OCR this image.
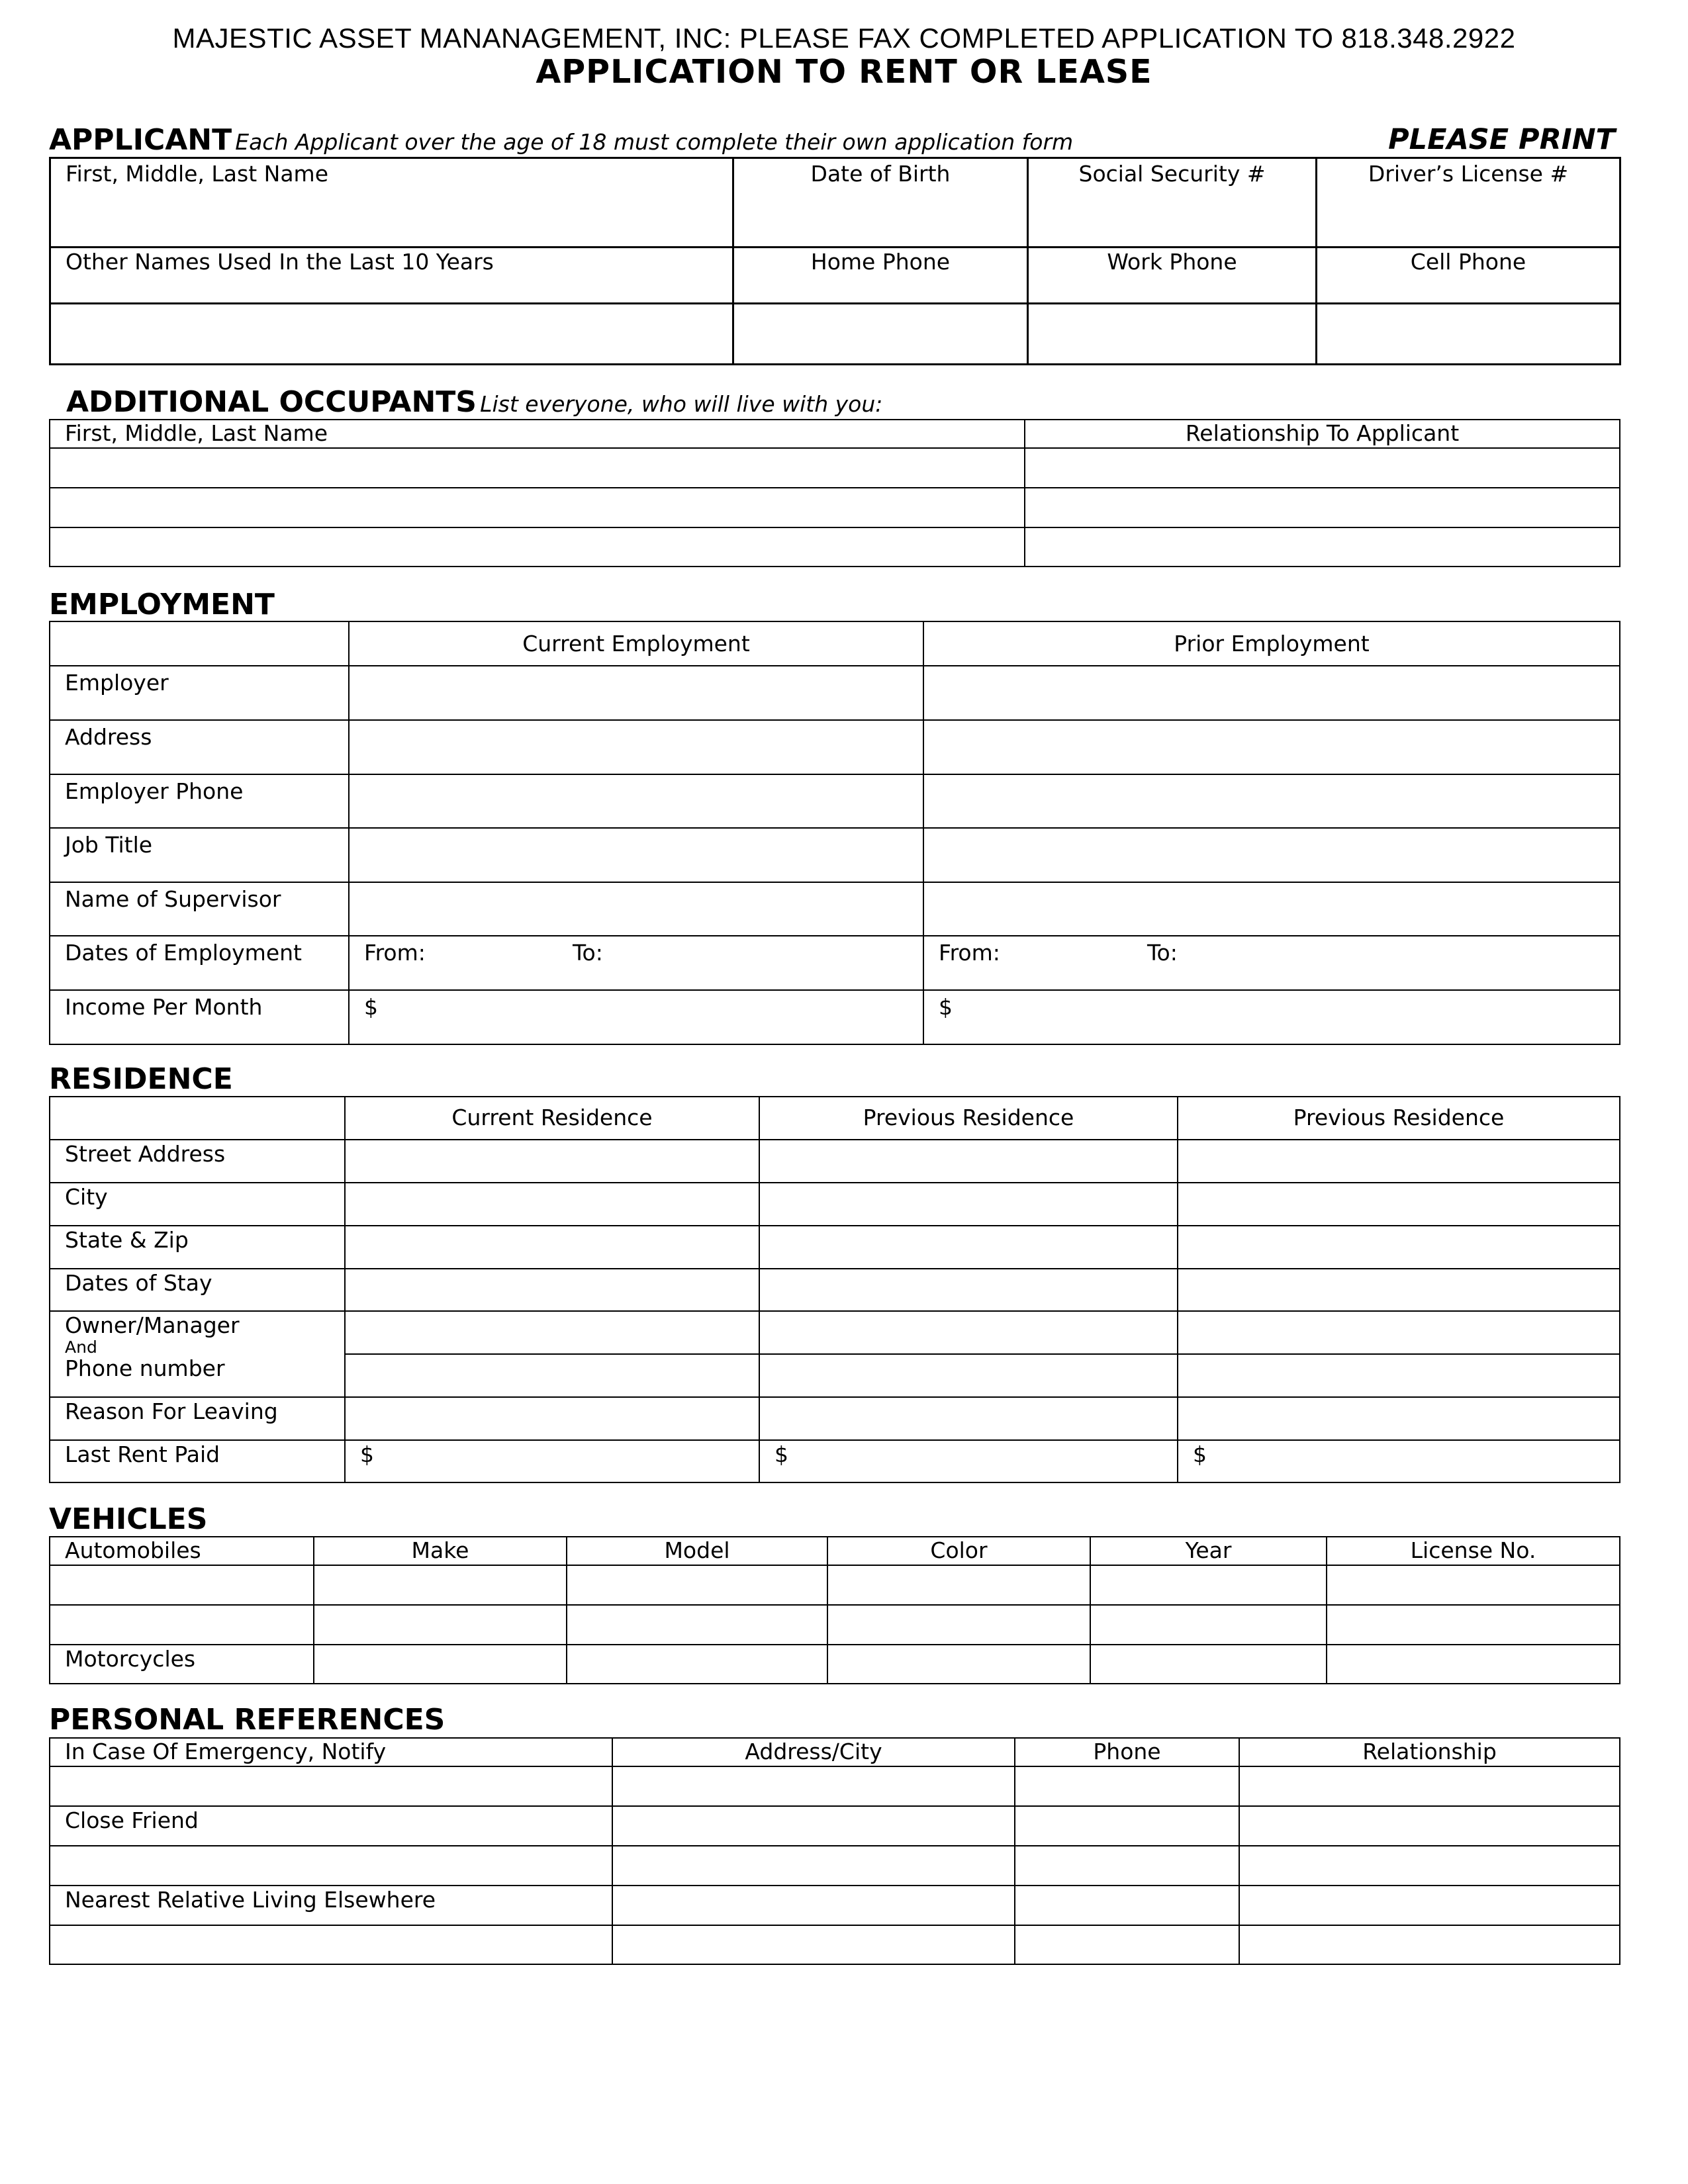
MAJESTIC ASSET MANANAGEMENT, INC: PLEASE FAX COMPLETED APPLICATION TO 818.348.2922
APPLICATION TO RENT OR LEASE
APPLICANT Each Applicant over the age of 18 must complete their own application form	PLEASE PRINT
First, Middle, Last Name	Date of Birth	Social Security #	Driver’s License #

Other Names Used In the Last 10 Years	Home Phone	Work Phone	Cell Phone

ADDITIONAL OCCUPANTS List everyone, who will live with you:
First, Middle, Last Name	Relationship To Applicant

EMPLOYMENT

	Current Employment	Prior Employment

Employer		

Address		

Employer Phone		

Job Title		

Name of Supervisor		

Dates of Employment	From: To:	From: To:

Income Per Month	$	$
RESIDENCE

	Current Residence	Previous Residence	Previous Residence

Street Address			

City			

State & Zip			

Dates of Stay			

Owner/Manager
And
Phone number			

Reason For Leaving			

Last Rent Paid	$	$	$
VEHICLES
Automobiles	Make	Model	Color	Year	License No.

Motorcycles					

PERSONAL REFERENCES
In Case Of Emergency, Notify	Address/City	Phone	Relationship

Close Friend			

Nearest Relative Living Elsewhere			
